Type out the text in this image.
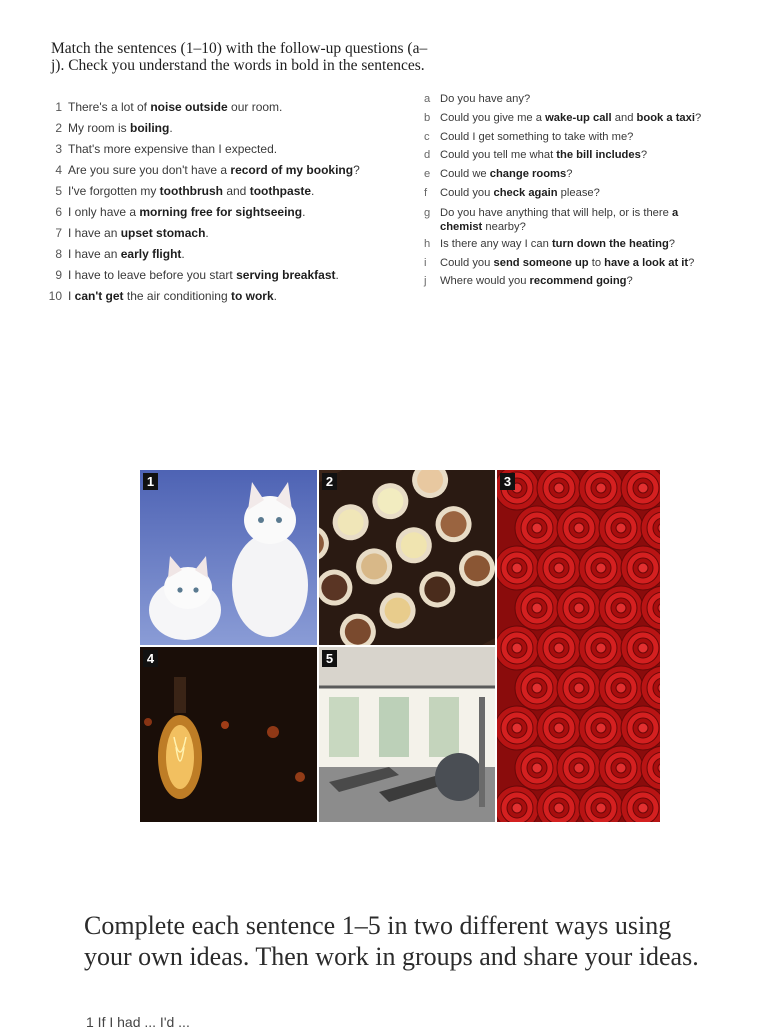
Match the sentences (1–10) with the follow-up questions (a–j). Check you understand the words in bold in the sentences.
1 There's a lot of noise outside our room.
2 My room is boiling.
3 That's more expensive than I expected.
4 Are you sure you don't have a record of my booking?
5 I've forgotten my toothbrush and toothpaste.
6 I only have a morning free for sightseeing.
7 I have an upset stomach.
8 I have an early flight.
9 I have to leave before you start serving breakfast.
10 I can't get the air conditioning to work.
a Do you have any?
b Could you give me a wake-up call and book a taxi?
c Could I get something to take with me?
d Could you tell me what the bill includes?
e Could we change rooms?
f Could you check again please?
g Do you have anything that will help, or is there a
chemist nearby?
h Is there any way I can turn down the heating?
i Could you send someone up to have a look at it?
j Where would you recommend going?
1	2	3
4	5
Complete each sentence 1–5 in two different ways using your own ideas. Then work in groups and share your ideas.
1 If I had ... I'd ...
